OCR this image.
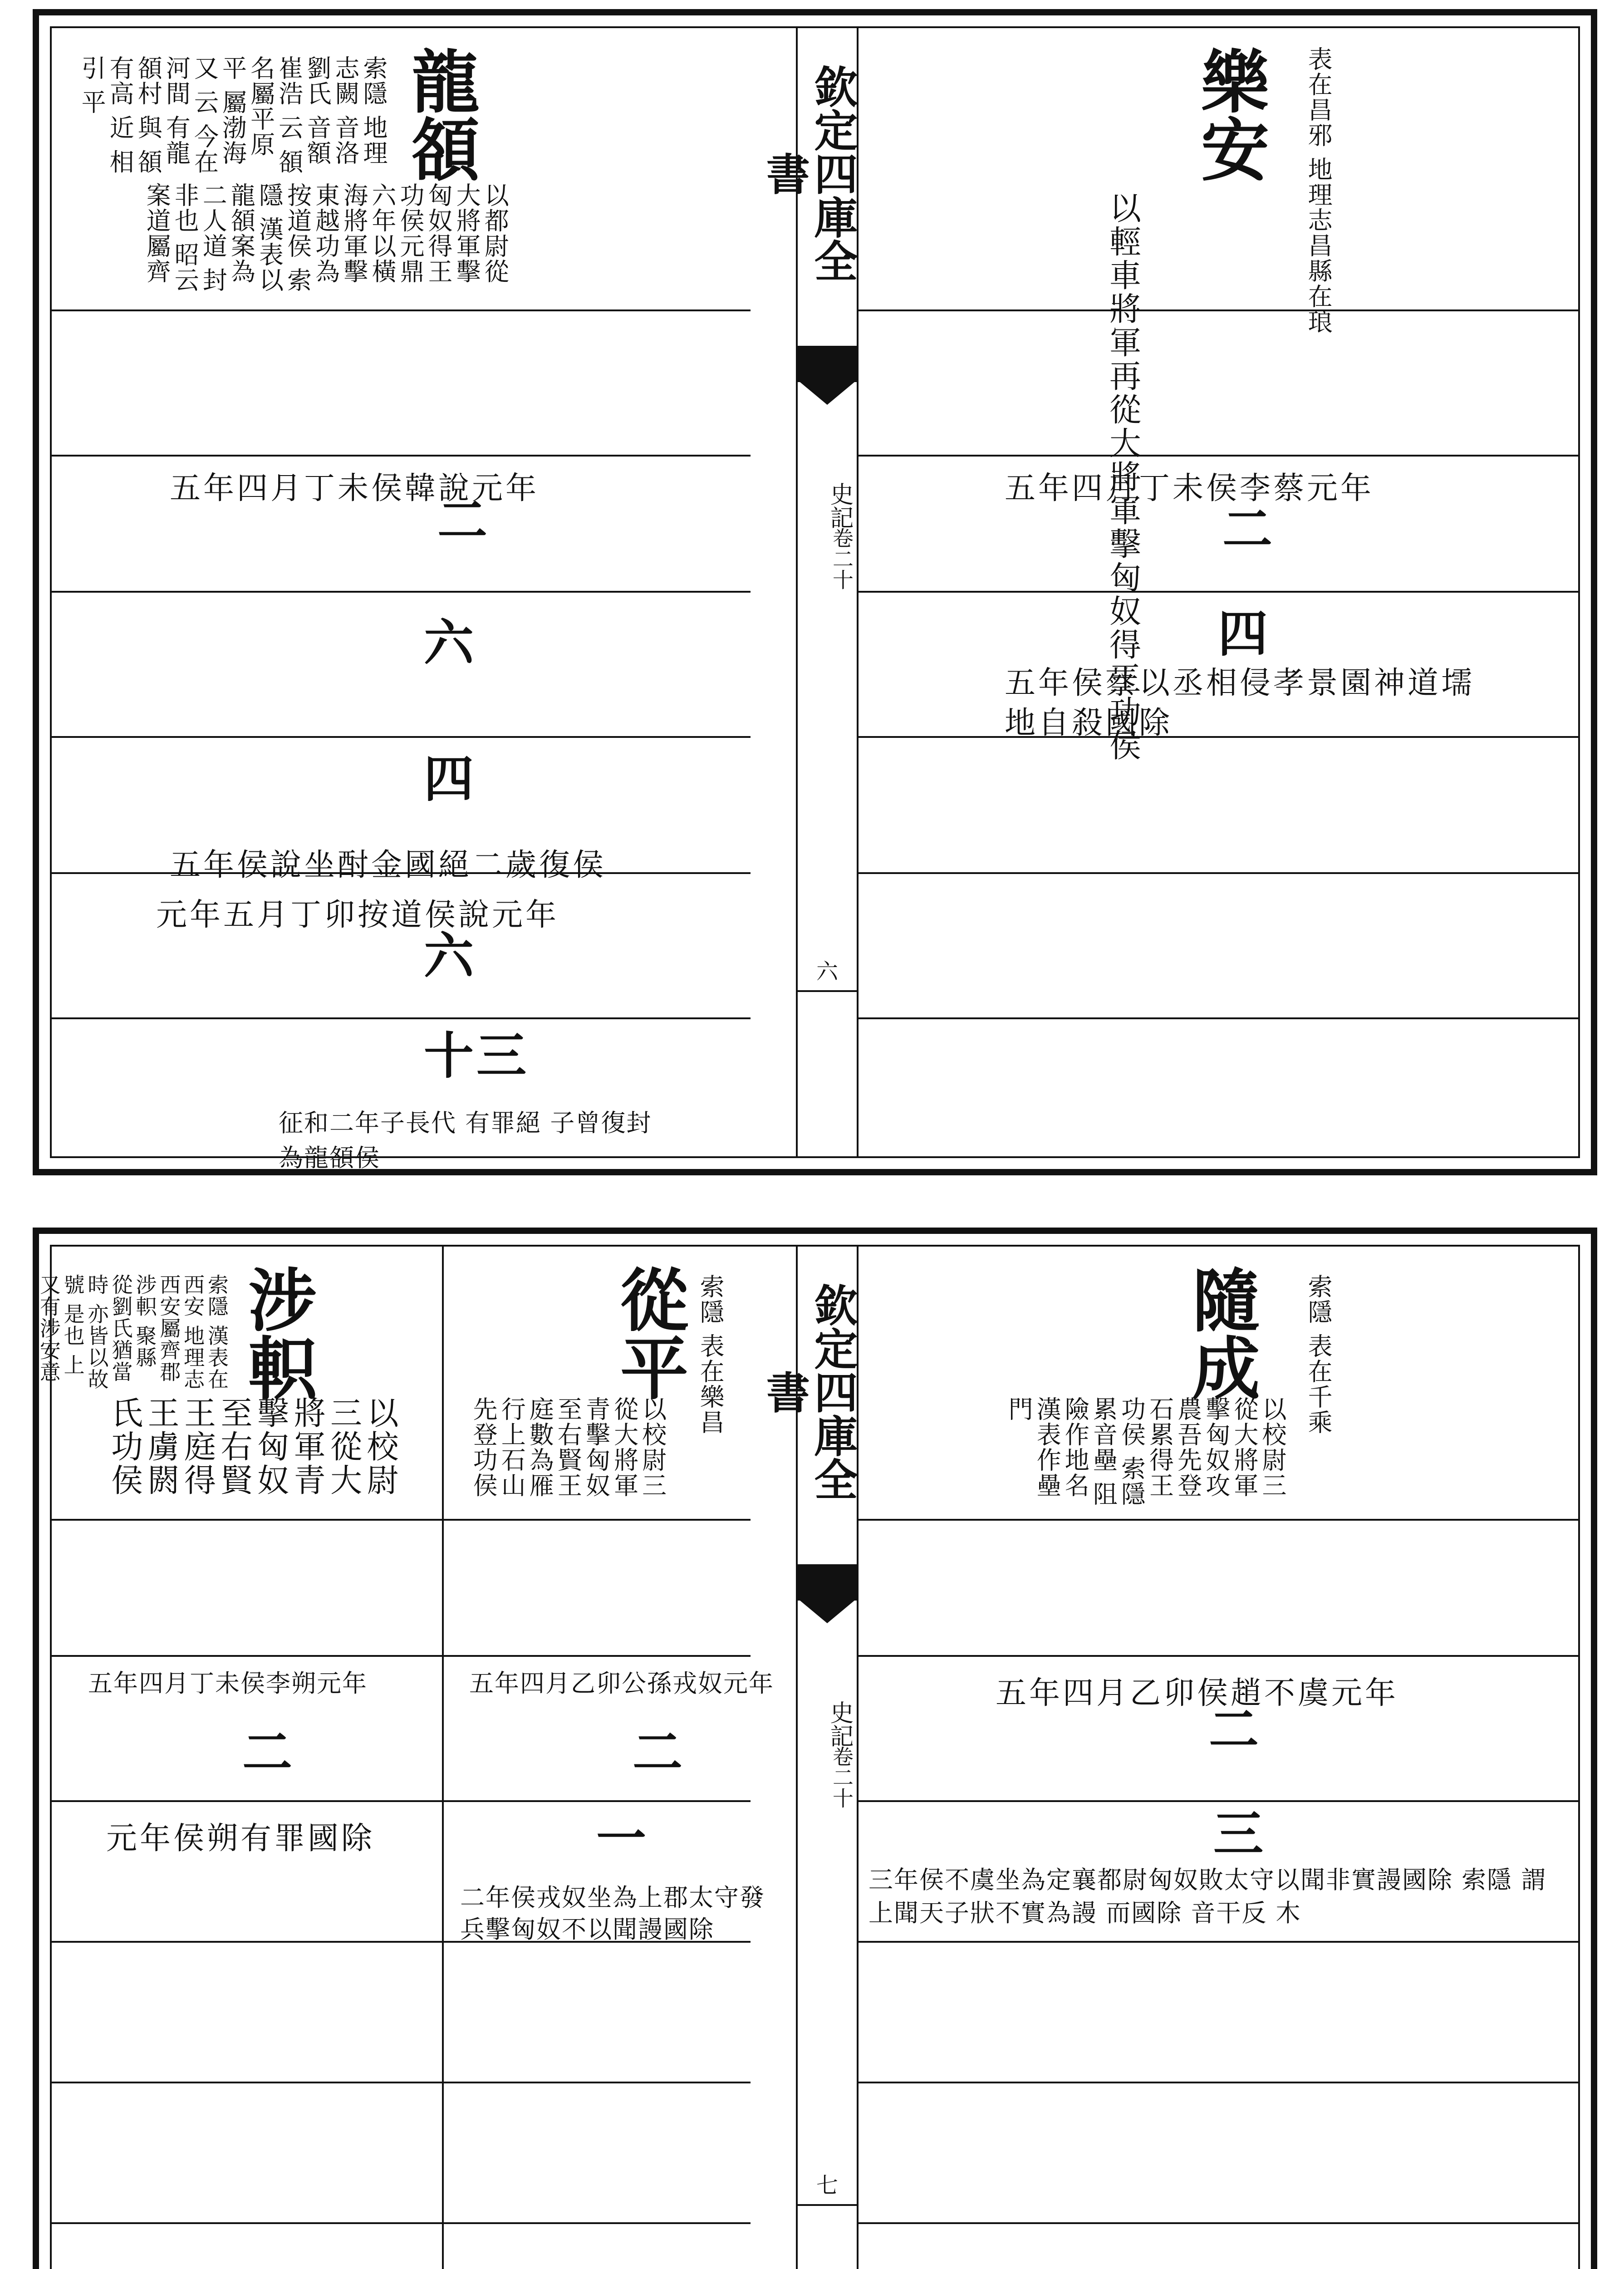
欽定四庫全書
史記
卷二十
六
樂安 表在昌邪 地理志昌縣在琅
以輕車將軍再從大將軍擊匈奴得王功侯
五年四月丁未侯李蔡元年
二
四
五年侯蔡以丞相侵孝景園神道壖地自殺國除
龍頟
索隱 地理志闕 音洛 劉氏 音額 崔浩 云 頟 名屬平原 平 屬渤海 又 云 今在河間 有龍頟村 與 頟有高 近 相 引 平
以都尉從大將軍擊匈奴得王功侯元鼎六年以橫海將軍擊東越功為按道侯 索隱 漢表以龍頟案為二人道 封非也 昭云案道屬齊
五年四月丁未侯韓說元年
二
六
四
五年侯說坐酎金國絕二歲復侯
元年五月丁卯按道侯說元年
六
十三
征和二年子長代 有罪絕 子曾復封 為龍頟侯
欽定四庫全書
史記
卷二十
七
隨成 索隱 表在千乘
以校尉三從大將軍擊匈奴攻農吾先登石累得王功侯 索隱 累音壘 阻險作地名 漢表作壘門
五年四月乙卯侯趙不虞元年
二
三
三年侯不虞坐為定襄都尉匈奴敗太守以聞非實謾國除 索隱 謂上聞天子狀不實為謾 而國除 音干反 木
從平 索隱 表在樂昌
以校尉三從大將軍青擊匈奴至右賢王庭數為雁行上石山先登功侯
五年四月乙卯公孫戎奴元年
二
一
二年侯戎奴坐為上郡太守發兵擊匈奴不以聞謾國除
涉軹
索隱 漢表在西安 地理志西安屬齊郡 涉軹 聚縣 從劉氏猶當時 亦皆以故號 是也 上又有涉安意
以校尉三從大將軍青擊匈奴至右賢王庭得王虜閼氏功侯
五年四月丁未侯李朔元年
二
元年侯朔有罪國除
